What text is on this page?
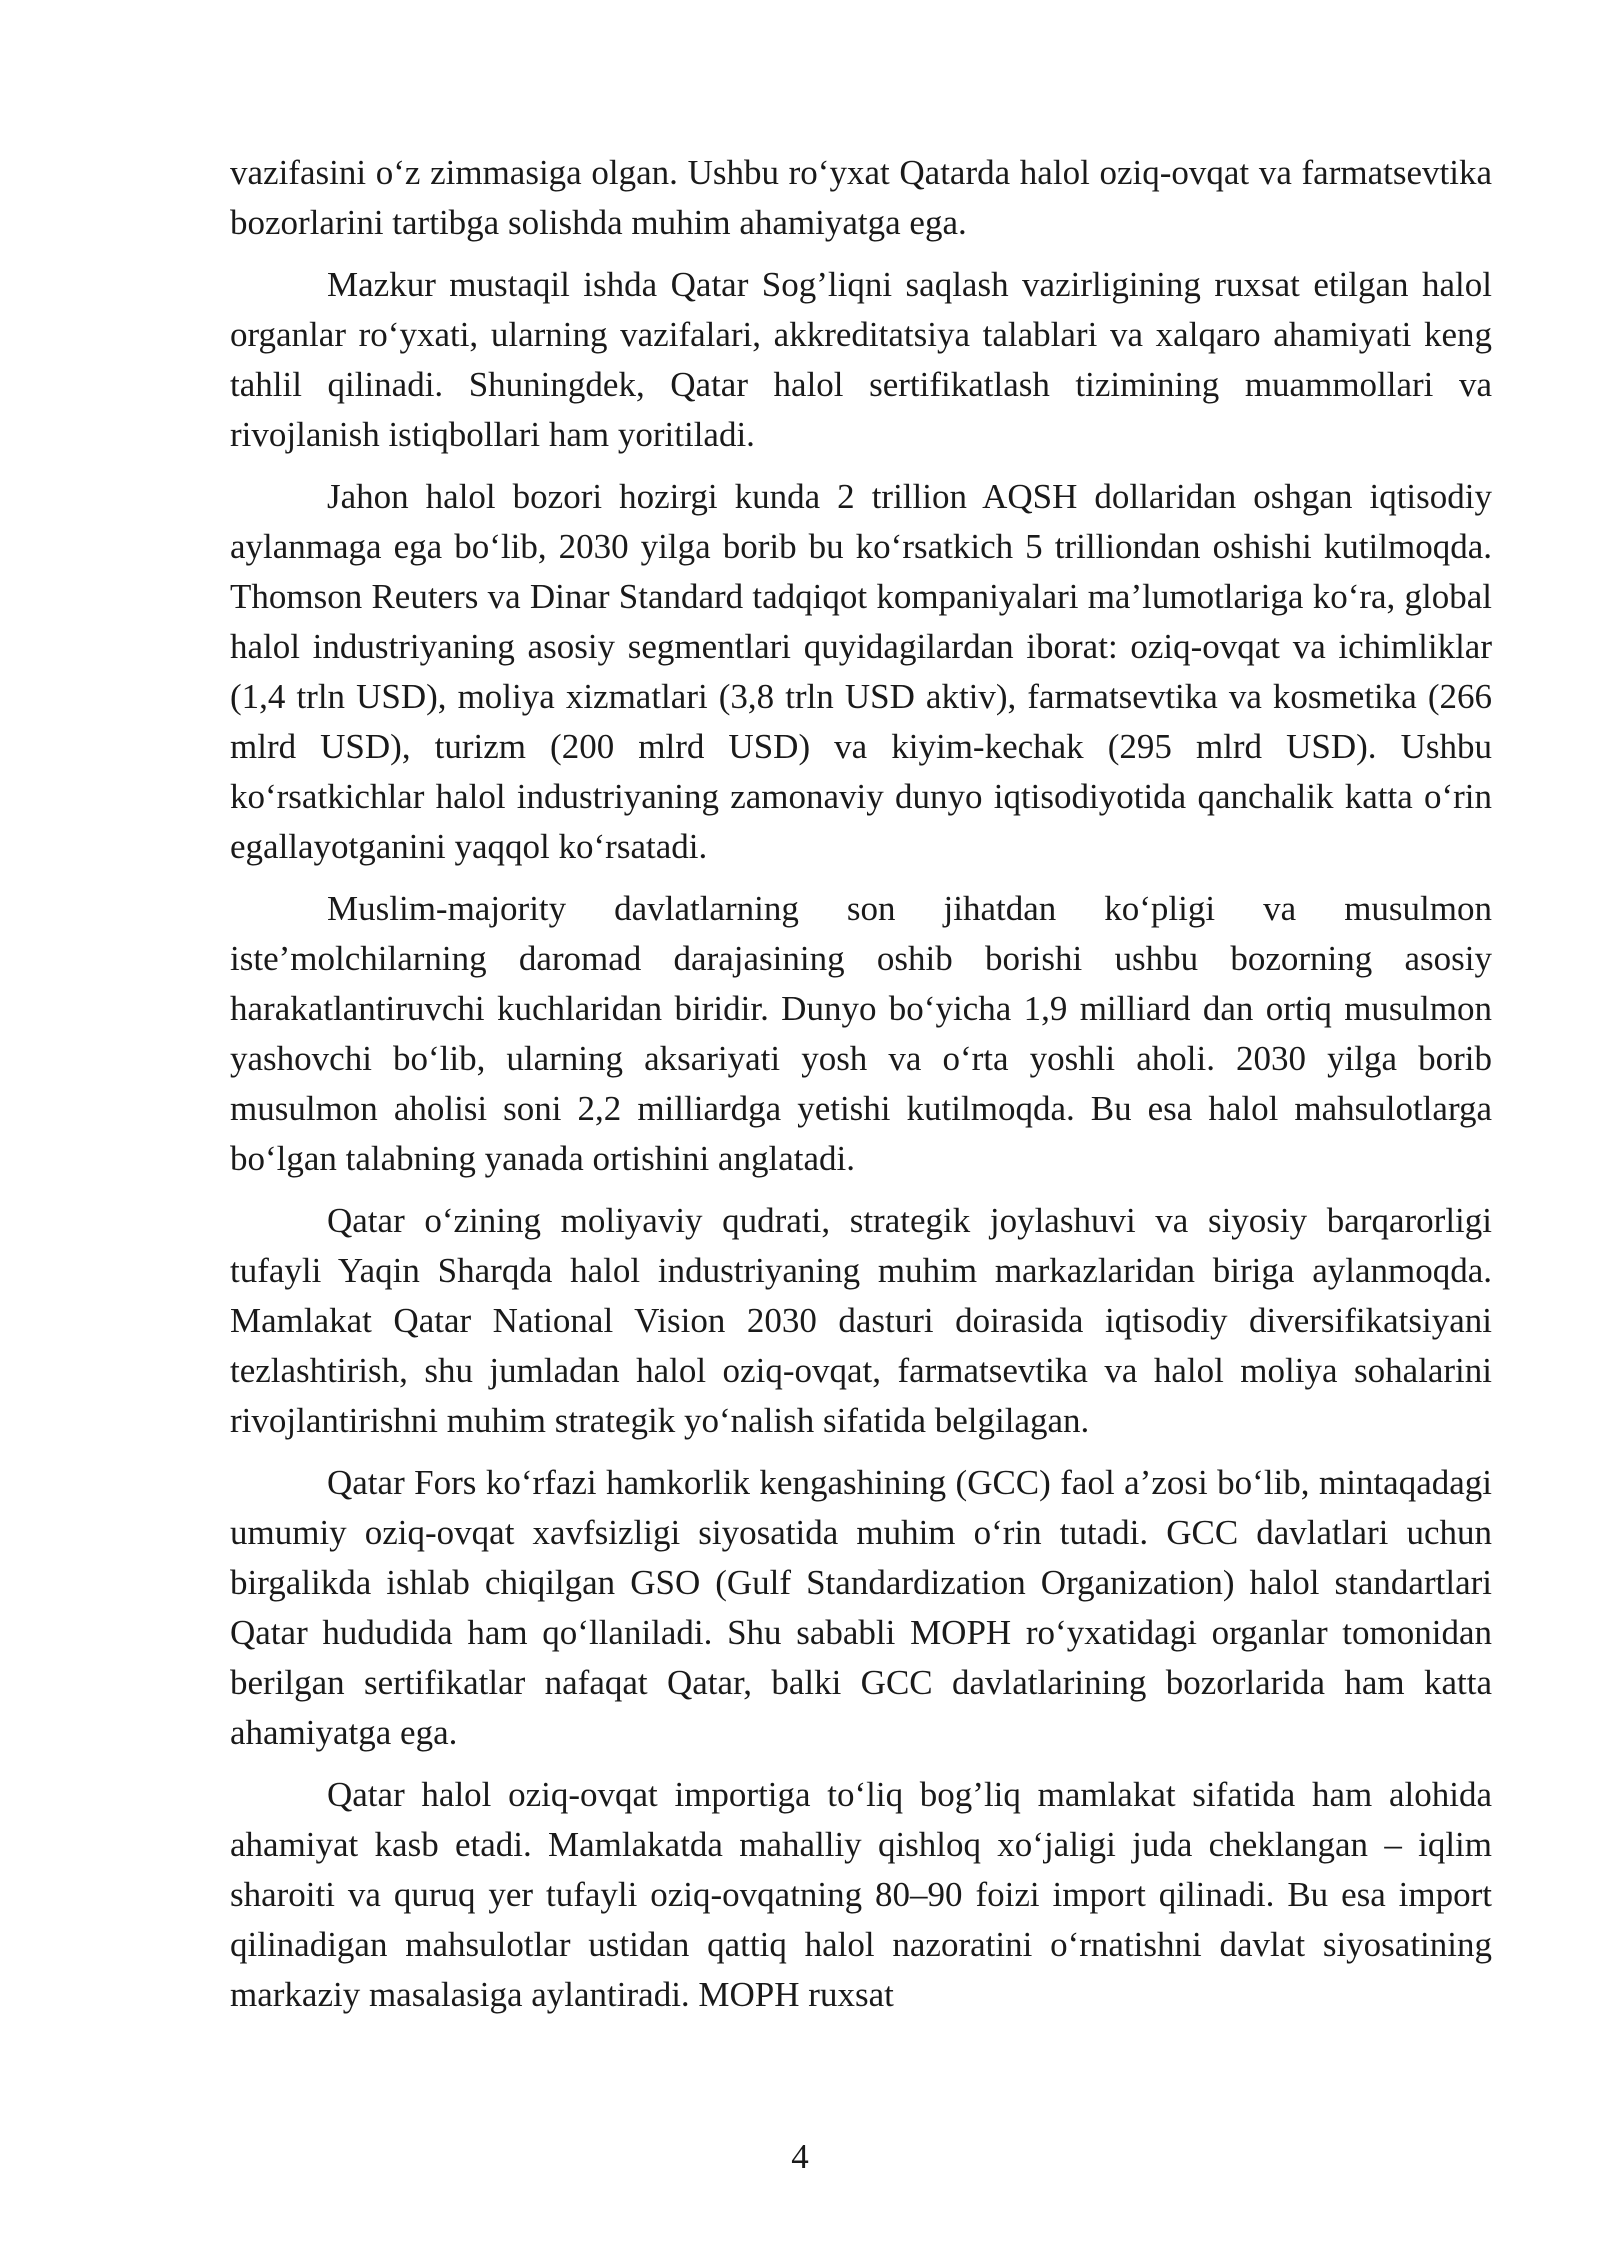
vazifasini o‘z zimmasiga olgan. Ushbu ro‘yxat Qatarda halol oziq-ovqat va farmatsevtika bozorlarini tartibga solishda muhim ahamiyatga ega.

Mazkur mustaqil ishda Qatar Sog’liqni saqlash vazirligining ruxsat etilgan halol organlar ro‘yxati, ularning vazifalari, akkreditatsiya talablari va xalqaro ahamiyati keng tahlil qilinadi. Shuningdek, Qatar halol sertifikatlash tizimining muammollari va rivojlanish istiqbollari ham yoritiladi.

Jahon halol bozori hozirgi kunda 2 trillion AQSH dollaridan oshgan iqtisodiy aylanmaga ega bo‘lib, 2030 yilga borib bu ko‘rsatkich 5 trilliondan oshishi kutilmoqda. Thomson Reuters va Dinar Standard tadqiqot kompaniyalari ma’lumotlariga ko‘ra, global halol industriyaning asosiy segmentlari quyidagilardan iborat: oziq-ovqat va ichimliklar (1,4 trln USD), moliya xizmatlari (3,8 trln USD aktiv), farmatsevtika va kosmetika (266 mlrd USD), turizm (200 mlrd USD) va kiyim-kechak (295 mlrd USD). Ushbu ko‘rsatkichlar halol industriyaning zamonaviy dunyo iqtisodiyotida qanchalik katta o‘rin egallayotganini yaqqol ko‘rsatadi.

Muslim-majority davlatlarning son jihatdan ko‘pligi va musulmon iste’molchilarning daromad darajasining oshib borishi ushbu bozorning asosiy harakatlantiruvchi kuchlaridan biridir. Dunyo bo‘yicha 1,9 milliard dan ortiq musulmon yashovchi bo‘lib, ularning aksariyati yosh va o‘rta yoshli aholi. 2030 yilga borib musulmon aholisi soni 2,2 milliardga yetishi kutilmoqda. Bu esa halol mahsulotlarga bo‘lgan talabning yanada ortishini anglatadi.

Qatar o‘zining moliyaviy qudrati, strategik joylashuvi va siyosiy barqarorligi tufayli Yaqin Sharqda halol industriyaning muhim markazlaridan biriga aylanmoqda. Mamlakat Qatar National Vision 2030 dasturi doirasida iqtisodiy diversifikatsiyani tezlashtirish, shu jumladan halol oziq-ovqat, farmatsevtika va halol moliya sohalarini rivojlantirishni muhim strategik yo‘nalish sifatida belgilagan.

Qatar Fors ko‘rfazi hamkorlik kengashining (GCC) faol a’zosi bo‘lib, mintaqadagi umumiy oziq-ovqat xavfsizligi siyosatida muhim o‘rin tutadi. GCC davlatlari uchun birgalikda ishlab chiqilgan GSO (Gulf Standardization Organization) halol standartlari Qatar hududida ham qo‘llaniladi. Shu sababli MOPH ro‘yxatidagi organlar tomonidan berilgan sertifikatlar nafaqat Qatar, balki GCC davlatlarining bozorlarida ham katta ahamiyatga ega.

Qatar halol oziq-ovqat importiga to‘liq bog’liq mamlakat sifatida ham alohida ahamiyat kasb etadi. Mamlakatda mahalliy qishloq xo‘jaligi juda cheklangan – iqlim sharoiti va quruq yer tufayli oziq-ovqatning 80–90 foizi import qilinadi. Bu esa import qilinadigan mahsulotlar ustidan qattiq halol nazoratini o‘rnatishni davlat siyosatining markaziy masalasiga aylantiradi. MOPH ruxsat

4
